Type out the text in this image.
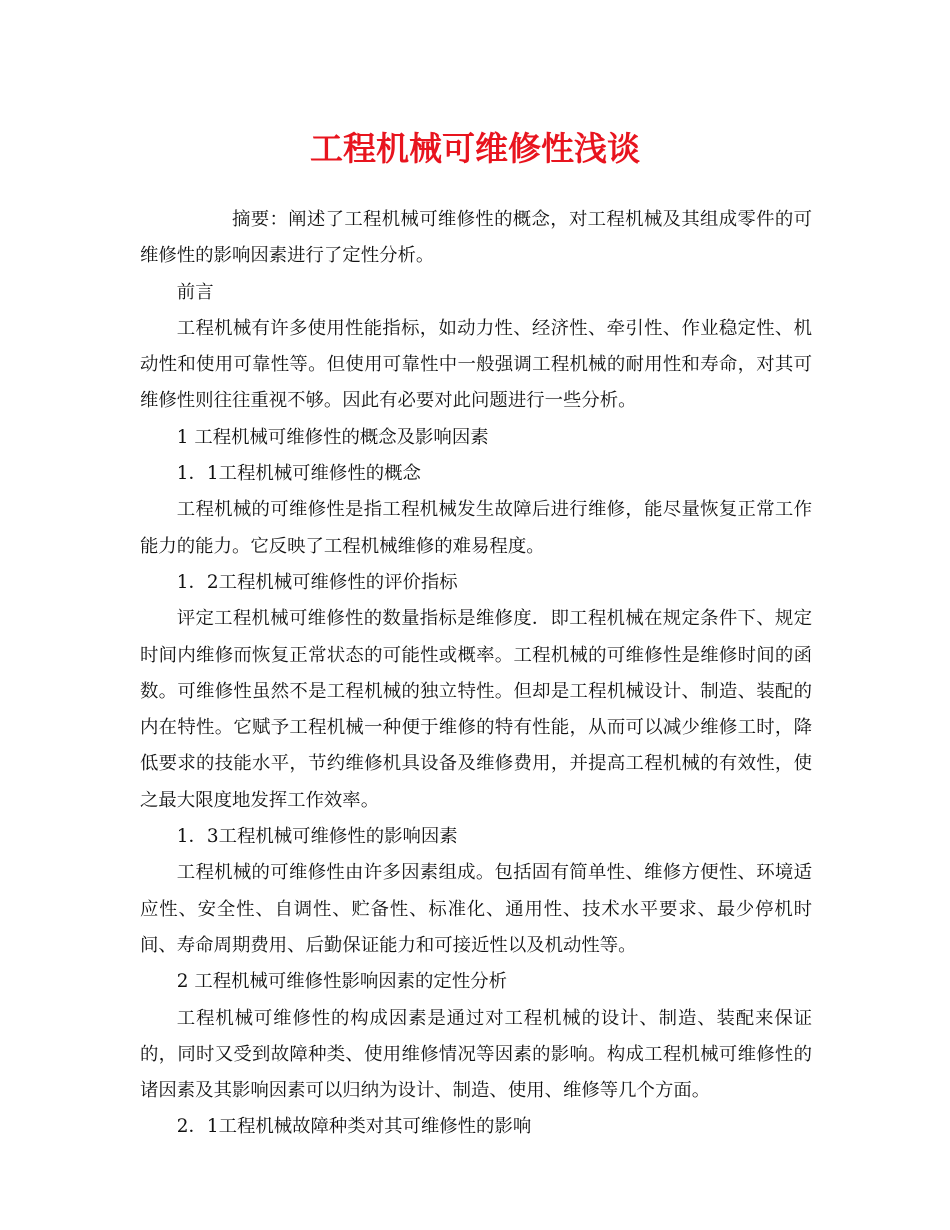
工程机械可维修性浅谈

摘要：阐述了工程机械可维修性的概念，对工程机械及其组成零件的可维修性的影响因素进行了定性分析。

前言

工程机械有许多使用性能指标，如动力性、经济性、牵引性、作业稳定性、机动性和使用可靠性等。但使用可靠性中一般强调工程机械的耐用性和寿命，对其可维修性则往往重视不够。因此有必要对此问题进行一些分析。

1 工程机械可维修性的概念及影响因素

1．1工程机械可维修性的概念

工程机械的可维修性是指工程机械发生故障后进行维修，能尽量恢复正常工作能力的能力。它反映了工程机械维修的难易程度。

1．2工程机械可维修性的评价指标

评定工程机械可维修性的数量指标是维修度．即工程机械在规定条件下、规定时间内维修而恢复正常状态的可能性或概率。工程机械的可维修性是维修时间的函数。可维修性虽然不是工程机械的独立特性。但却是工程机械设计、制造、装配的内在特性。它赋予工程机械一种便于维修的特有性能，从而可以减少维修工时，降低要求的技能水平，节约维修机具设备及维修费用，并提高工程机械的有效性，使之最大限度地发挥工作效率。

1．3工程机械可维修性的影响因素

工程机械的可维修性由许多因素组成。包括固有简单性、维修方便性、环境适应性、安全性、自调性、贮备性、标准化、通用性、技术水平要求、最少停机时间、寿命周期费用、后勤保证能力和可接近性以及机动性等。

2 工程机械可维修性影响因素的定性分析

工程机械可维修性的构成因素是通过对工程机械的设计、制造、装配来保证的，同时又受到故障种类、使用维修情况等因素的影响。构成工程机械可维修性的诸因素及其影响因素可以归纳为设计、制造、使用、维修等几个方面。

2．1工程机械故障种类对其可维修性的影响
